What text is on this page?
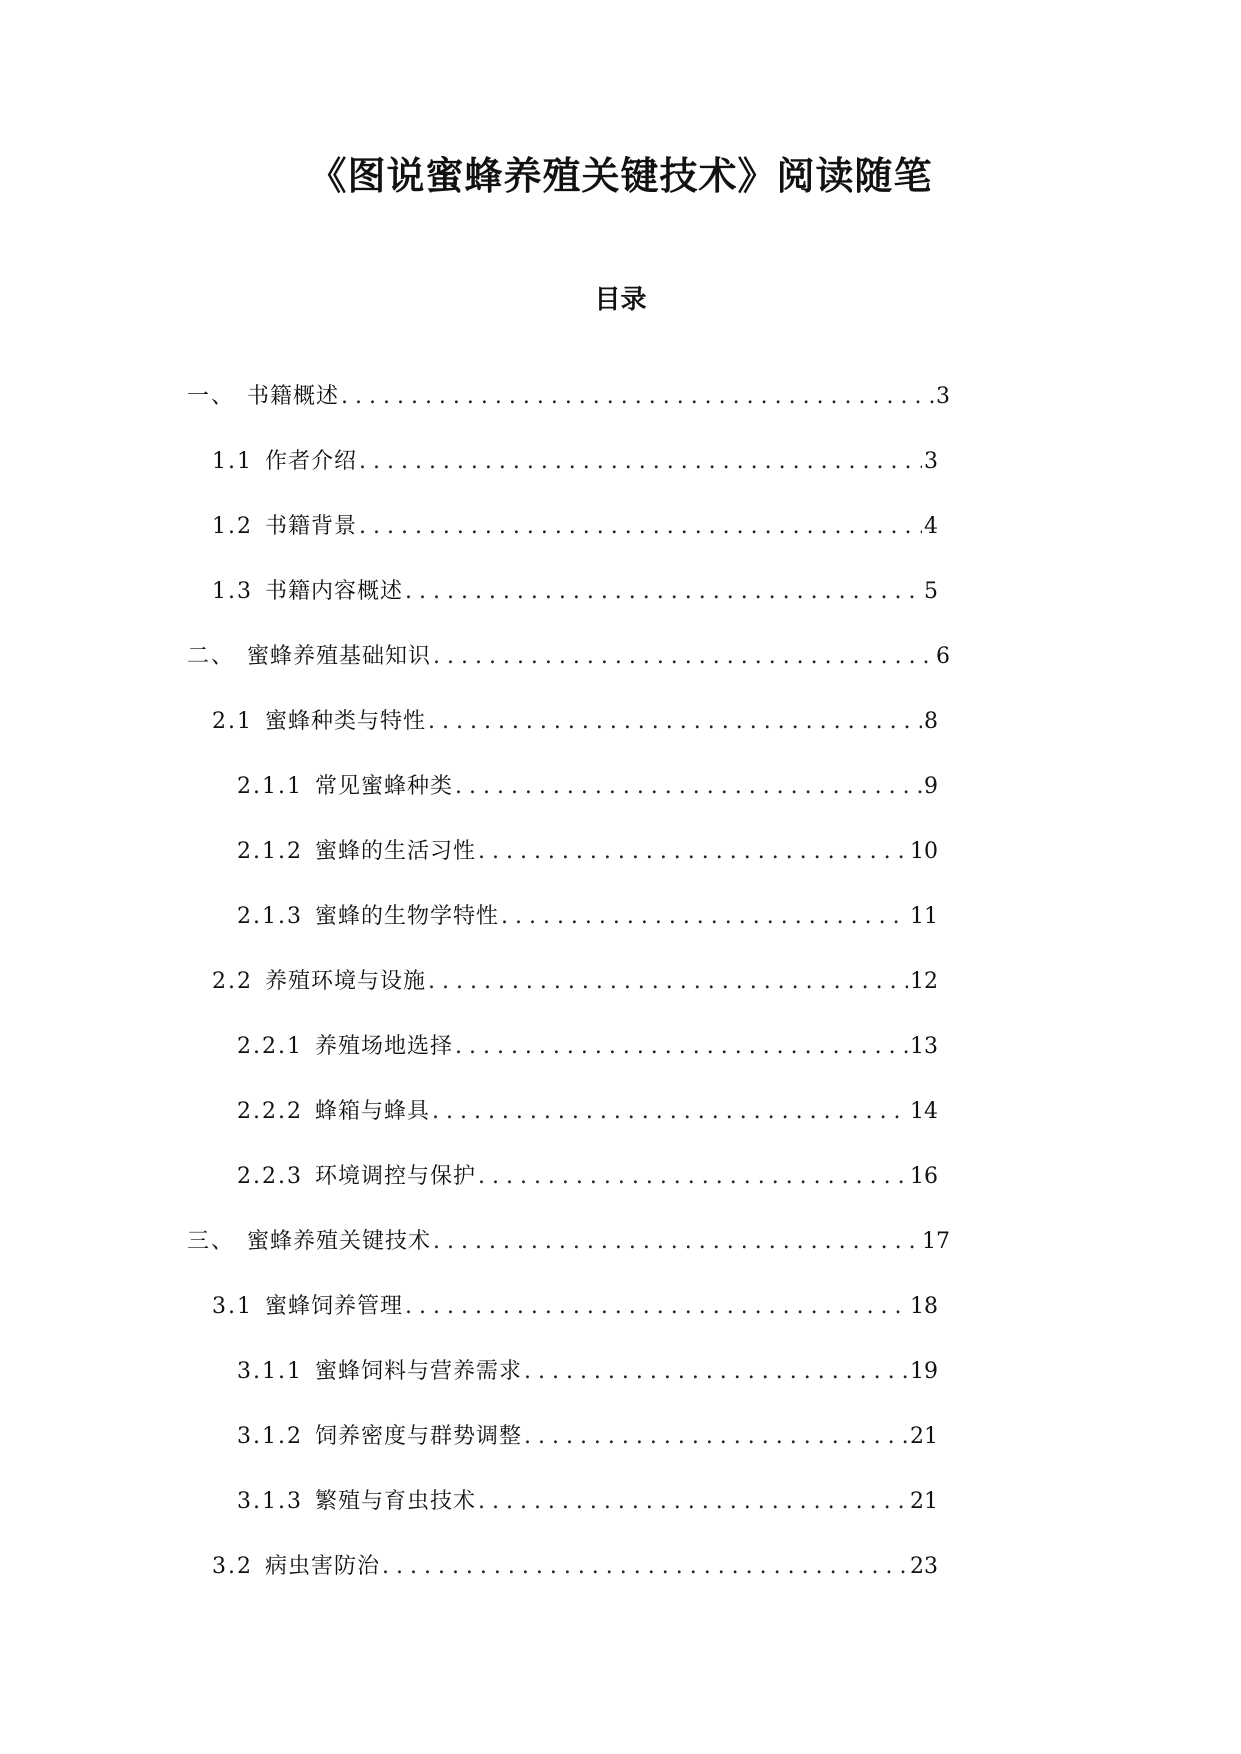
《图说蜜蜂养殖关键技术》阅读随笔
目录
一、 书籍概述 . . .	3
1.1 作者介绍 . . .	3
1.2 书籍背景 . . .	4
1.3 书籍内容概述 . . .	5
二、 蜜蜂养殖基础知识 . . .	6
2.1 蜜蜂种类与特性 . . .	8
2.1.1 常见蜜蜂种类 . . .	9
2.1.2 蜜蜂的生活习性 . . .	10
2.1.3 蜜蜂的生物学特性 . . .	11
2.2 养殖环境与设施 . . .	12
2.2.1 养殖场地选择 . . .	13
2.2.2 蜂箱与蜂具 . . .	14
2.2.3 环境调控与保护 . . .	16
三、 蜜蜂养殖关键技术 . . .	17
3.1 蜜蜂饲养管理 . . .	18
3.1.1 蜜蜂饲料与营养需求 . . .	19
3.1.2 饲养密度与群势调整 . . .	21
3.1.3 繁殖与育虫技术 . . .	21
3.2 病虫害防治 . . .	23
